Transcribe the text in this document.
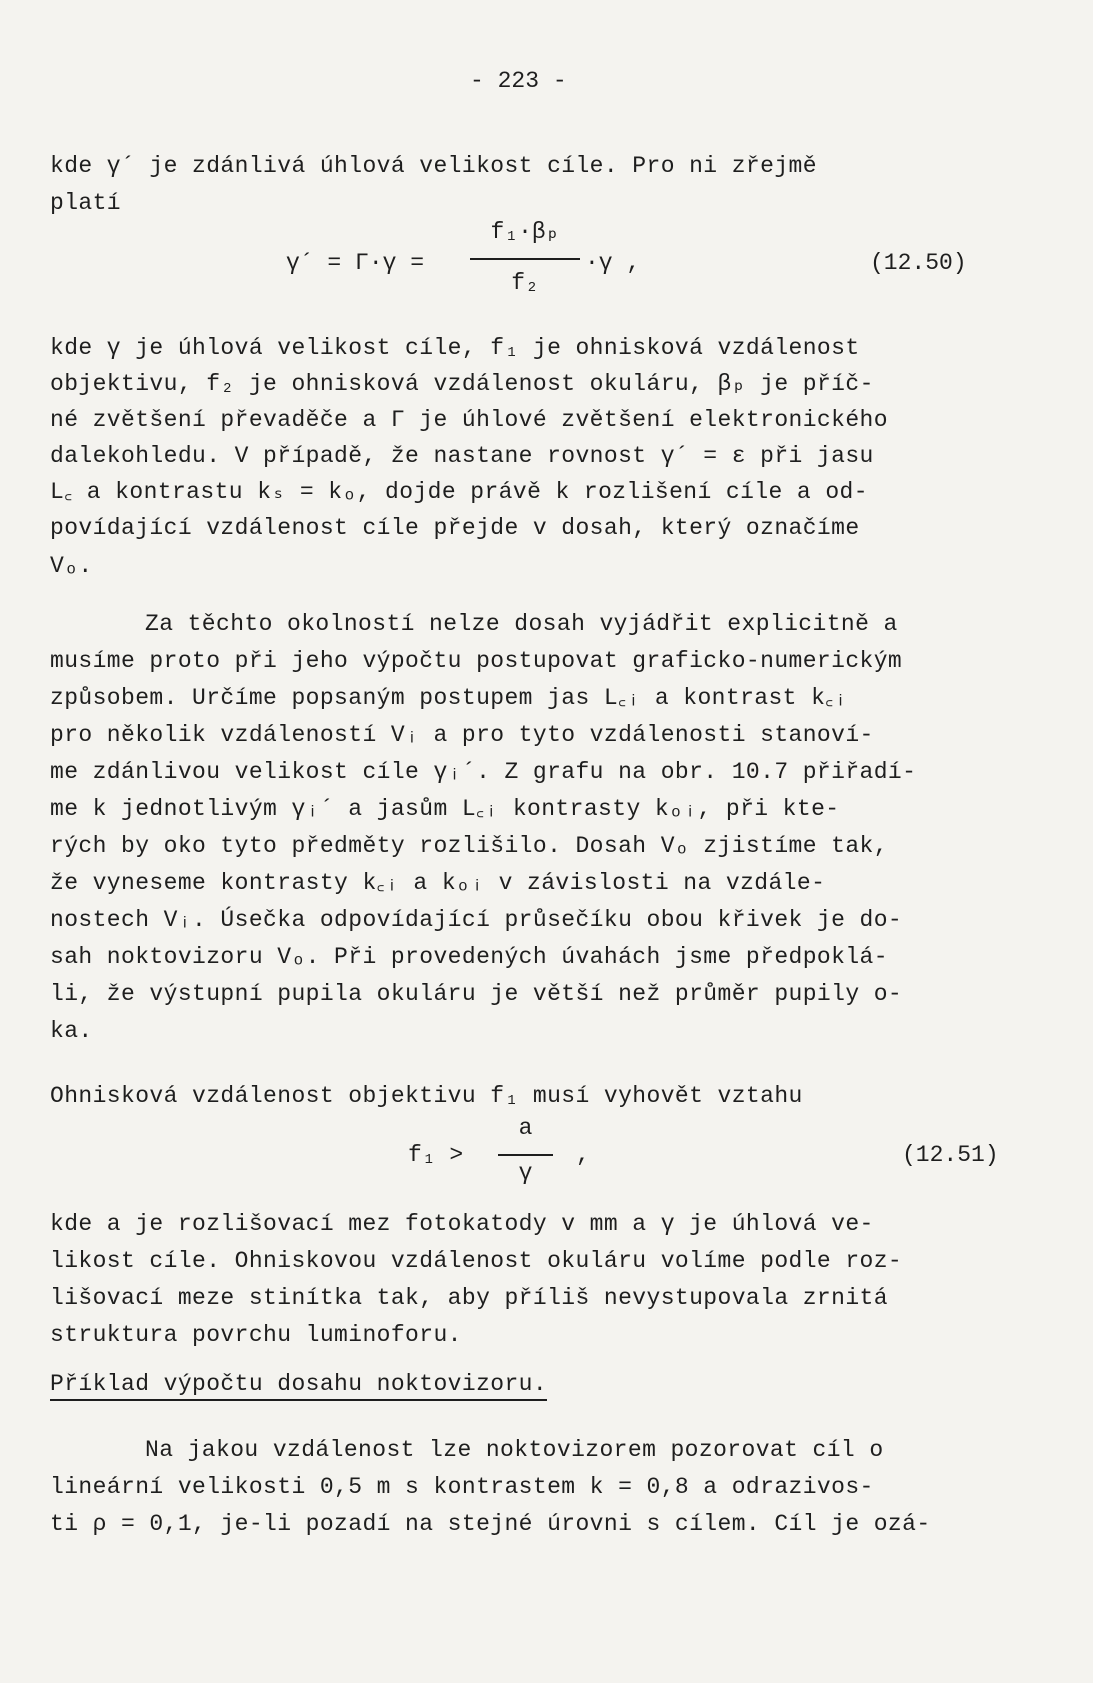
- 223 -
kde γ´ je zdánlivá úhlová velikost cíle. Pro ni zřejmě
platí
γ´ = Γ·γ =
f₁·βₚ
f₂
·γ ,	(12.50)
kde γ je úhlová velikost cíle, f₁ je ohnisková vzdálenost
objektivu, f₂ je ohnisková vzdálenost okuláru, βₚ je příč-
né zvětšení převaděče a Γ je úhlové zvětšení elektronického
dalekohledu. V případě, že nastane rovnost γ´ = ε při jasu
L꜀ a kontrastu kₛ = kₒ, dojde právě k rozlišení cíle a od-
povídající vzdálenost cíle přejde v dosah, který označíme
Vₒ.
Za těchto okolností nelze dosah vyjádřit explicitně a
musíme proto při jeho výpočtu postupovat graficko-numerickým
způsobem. Určíme popsaným postupem jas L꜀ᵢ a kontrast k꜀ᵢ
pro několik vzdáleností Vᵢ a pro tyto vzdálenosti stanoví-
me zdánlivou velikost cíle γᵢ´. Z grafu na obr. 10.7 přiřadí-
me k jednotlivým γᵢ´ a jasům L꜀ᵢ kontrasty kₒᵢ, při kte-
rých by oko tyto předměty rozlišilo. Dosah Vₒ zjistíme tak,
že vyneseme kontrasty k꜀ᵢ a kₒᵢ v závislosti na vzdále-
nostech Vᵢ. Úsečka odpovídající průsečíku obou křivek je do-
sah noktovizoru Vₒ. Při provedených úvahách jsme předpoklá-
li, že výstupní pupila okuláru je větší než průměr pupily o-
ka.
Ohnisková vzdálenost objektivu f₁ musí vyhovět vztahu
a
f₁ >
γ
,	(12.51)
kde a je rozlišovací mez fotokatody v mm a γ je úhlová ve-
likost cíle. Ohniskovou vzdálenost okuláru volíme podle roz-
lišovací meze stinítka tak, aby příliš nevystupovala zrnitá
struktura povrchu luminoforu.
Příklad výpočtu dosahu noktovizoru.
Na jakou vzdálenost lze noktovizorem pozorovat cíl o
lineární velikosti 0,5 m s kontrastem k = 0,8 a odrazivos-
ti ρ = 0,1, je-li pozadí na stejné úrovni s cílem. Cíl je ozá-
